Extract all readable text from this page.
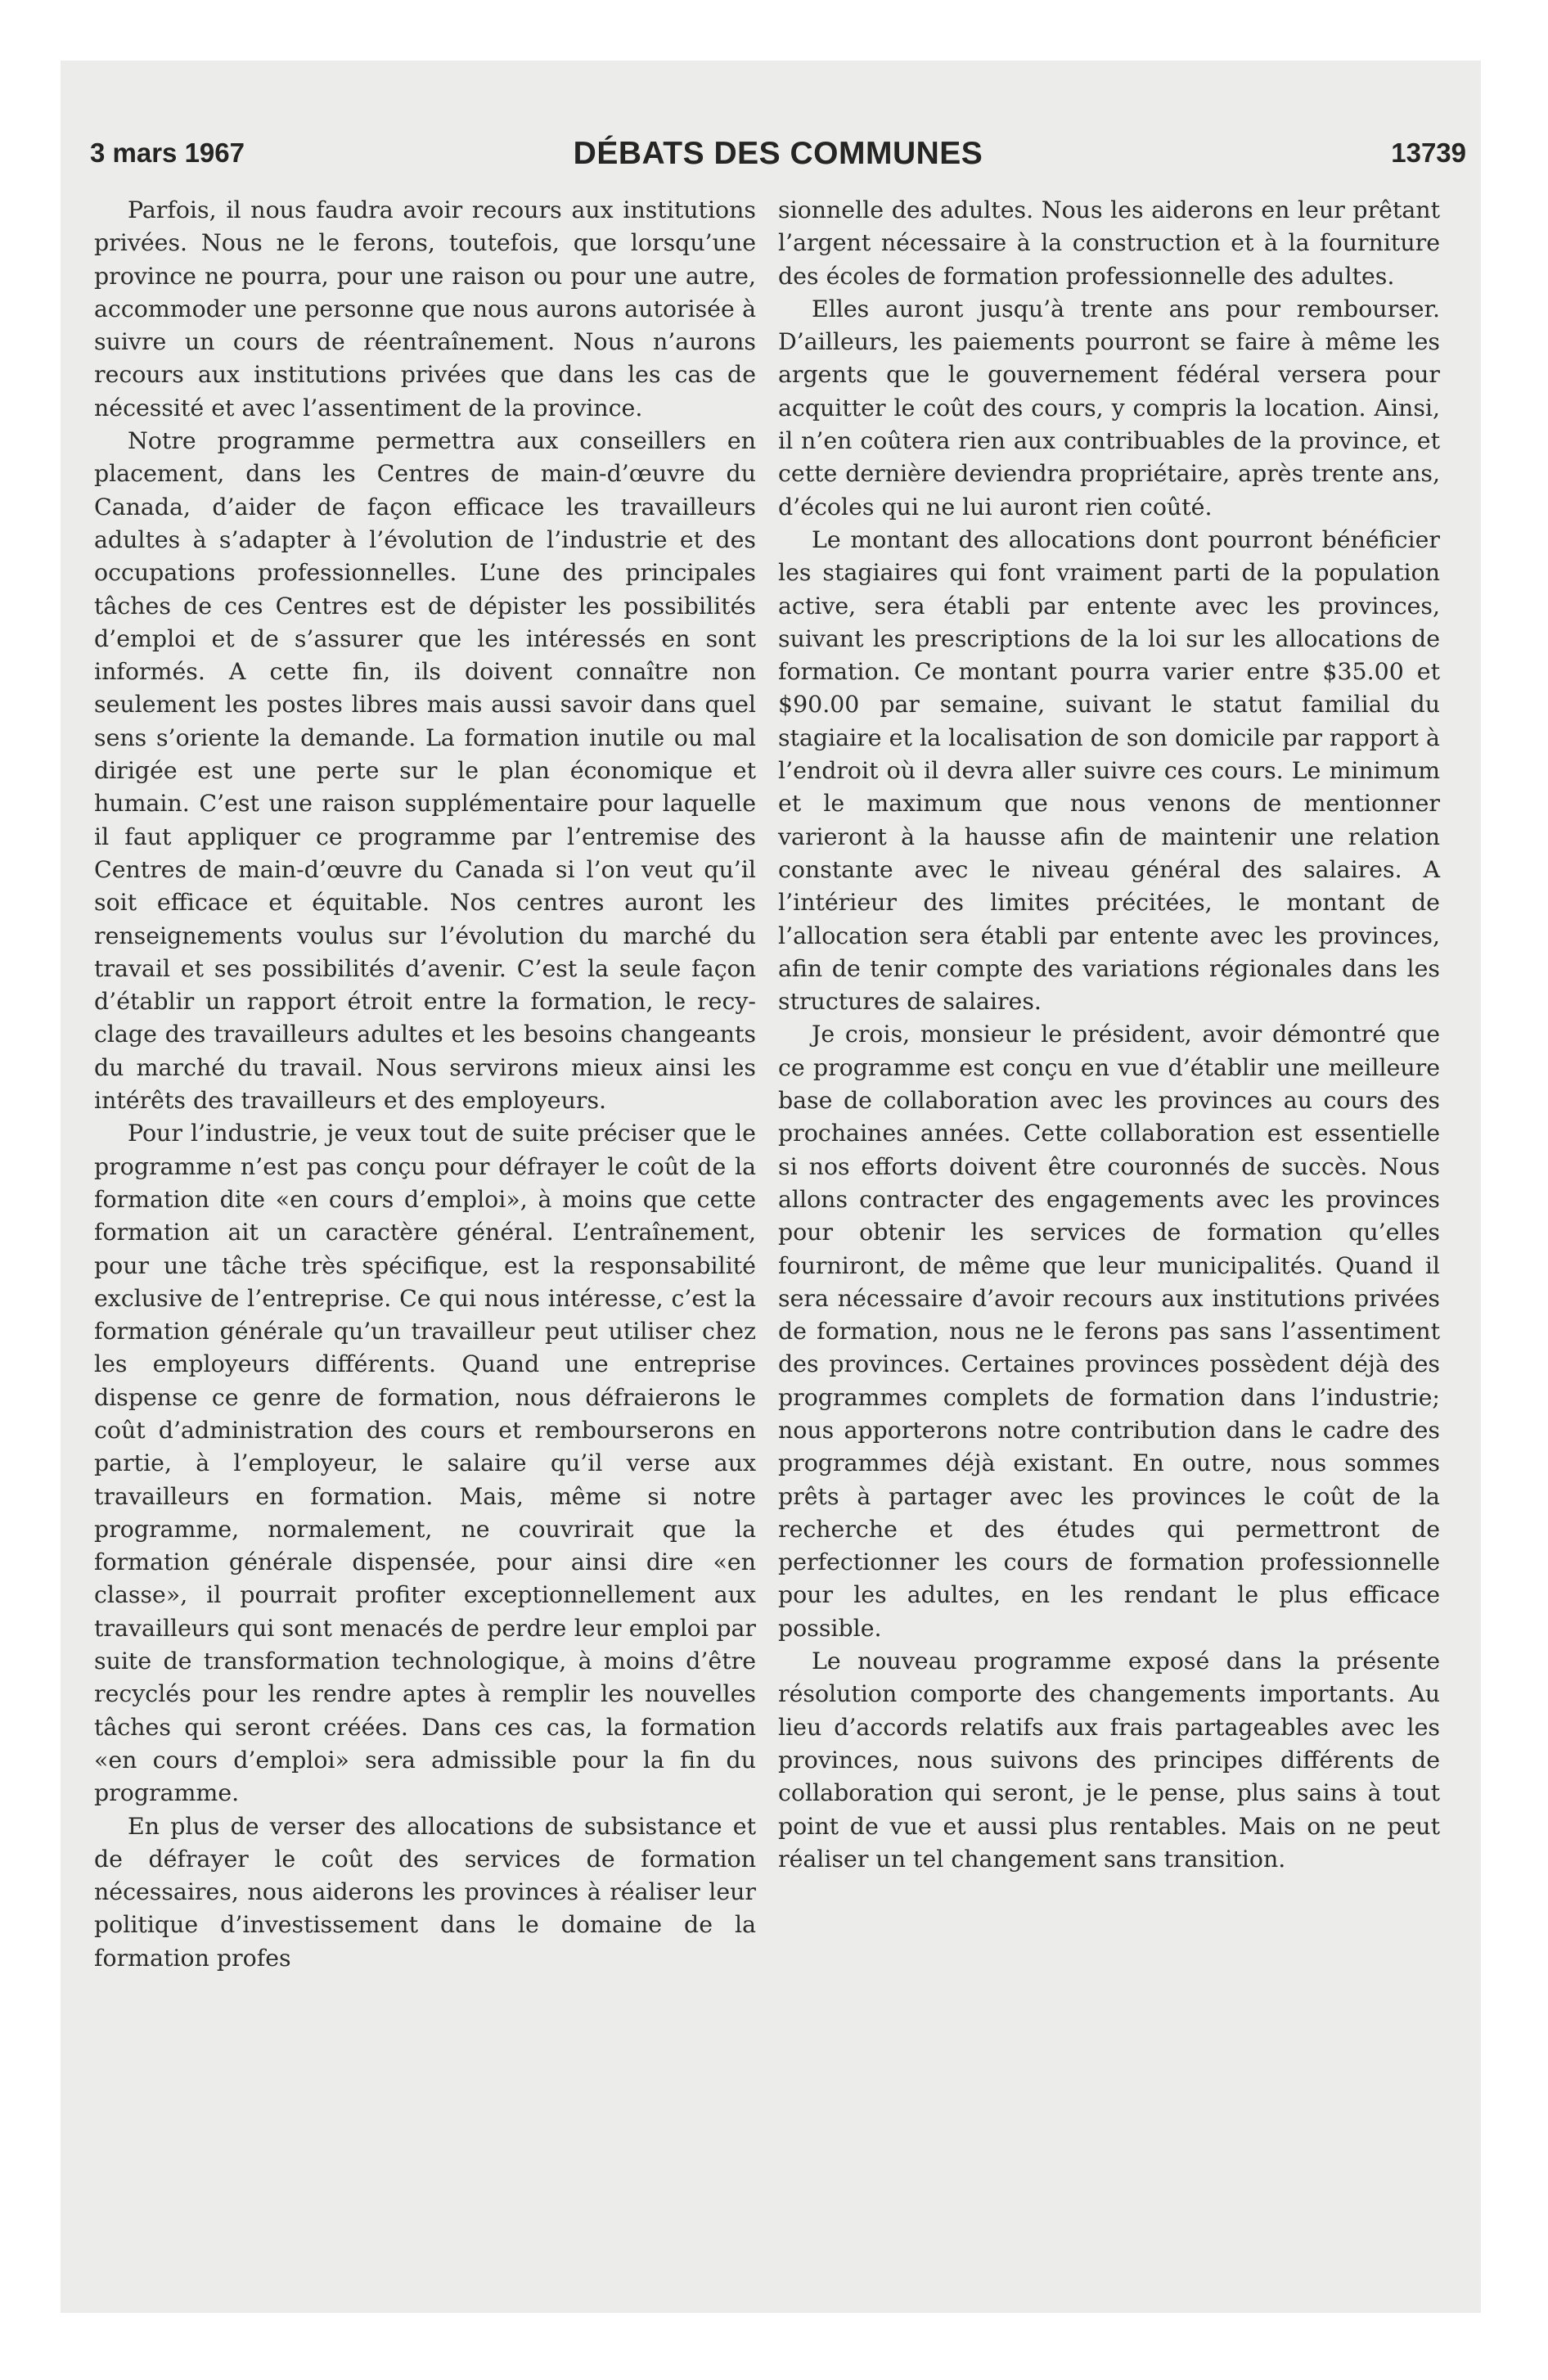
3 mars 1967	DÉBATS DES COMMUNES	13739

Parfois, il nous faudra avoir recours aux institutions privées. Nous ne le ferons, toutefois, que lorsqu’une province ne pourra, pour une raison ou pour une autre, accommoder une personne que nous aurons autorisée à suivre un cours de réentraînement. Nous n’aurons recours aux institutions privées que dans les cas de nécessité et avec l’assentiment de la province.

Notre programme permettra aux conseillers en placement, dans les Centres de main-d’œuvre du Canada, d’aider de façon efficace les travailleurs adultes à s’adapter à l’évolution de l’industrie et des occupations professionnelles. L’une des principales tâches de ces Centres est de dépister les possibilités d’emploi et de s’assurer que les intéressés en sont informés. A cette fin, ils doivent connaître non seulement les postes libres mais aussi savoir dans quel sens s’oriente la demande. La formation inutile ou mal dirigée est une perte sur le plan économique et humain. C’est une raison supplémentaire pour laquelle il faut appliquer ce programme par l’entremise des Centres de main-d’œuvre du Canada si l’on veut qu’il soit efficace et équitable. Nos centres auront les renseignements voulus sur l’évolution du marché du travail et ses possibilités d’avenir. C’est la seule façon d’établir un rapport étroit entre la formation, le recyclage des travailleurs adultes et les besoins changeants du marché du travail. Nous servirons mieux ainsi les intérêts des travailleurs et des employeurs.

Pour l’industrie, je veux tout de suite préciser que le programme n’est pas conçu pour défrayer le coût de la formation dite «en cours d’emploi», à moins que cette formation ait un caractère général. L’entraînement, pour une tâche très spécifique, est la responsabilité exclusive de l’entreprise. Ce qui nous intéresse, c’est la formation générale qu’un travailleur peut utiliser chez les employeurs différents. Quand une entreprise dispense ce genre de formation, nous défraierons le coût d’administration des cours et rembourserons en partie, à l’employeur, le salaire qu’il verse aux travailleurs en formation. Mais, même si notre programme, normalement, ne couvrirait que la formation générale dispensée, pour ainsi dire «en classe», il pourrait profiter exceptionnellement aux travailleurs qui sont menacés de perdre leur emploi par suite de transformation technologique, à moins d’être recyclés pour les rendre aptes à remplir les nouvelles tâches qui seront créées. Dans ces cas, la formation «en cours d’emploi» sera admissible pour la fin du programme.

En plus de verser des allocations de subsistance et de défrayer le coût des services de formation nécessaires, nous aiderons les provinces à réaliser leur politique d’investissement dans le domaine de la formation profes

sionnelle des adultes. Nous les aiderons en leur prêtant l’argent nécessaire à la construction et à la fourniture des écoles de formation professionnelle des adultes.

Elles auront jusqu’à trente ans pour rembourser. D’ailleurs, les paiements pourront se faire à même les argents que le gouvernement fédéral versera pour acquitter le coût des cours, y compris la location. Ainsi, il n’en coûtera rien aux contribuables de la province, et cette dernière deviendra propriétaire, après trente ans, d’écoles qui ne lui auront rien coûté.

Le montant des allocations dont pourront bénéficier les stagiaires qui font vraiment parti de la population active, sera établi par entente avec les provinces, suivant les prescriptions de la loi sur les allocations de formation. Ce montant pourra varier entre $35.00 et $90.00 par semaine, suivant le statut familial du stagiaire et la localisation de son domicile par rapport à l’endroit où il devra aller suivre ces cours. Le minimum et le maximum que nous venons de mentionner varieront à la hausse afin de maintenir une relation constante avec le niveau général des salaires. A l’intérieur des limites précitées, le montant de l’allocation sera établi par entente avec les provinces, afin de tenir compte des variations régionales dans les structures de salaires.

Je crois, monsieur le président, avoir démontré que ce programme est conçu en vue d’établir une meilleure base de collaboration avec les provinces au cours des prochaines années. Cette collaboration est essentielle si nos efforts doivent être couronnés de succès. Nous allons contracter des engagements avec les provinces pour obtenir les services de formation qu’elles fourniront, de même que leur municipalités. Quand il sera nécessaire d’avoir recours aux institutions privées de formation, nous ne le ferons pas sans l’assentiment des provinces. Certaines provinces possèdent déjà des programmes complets de formation dans l’industrie; nous apporterons notre contribution dans le cadre des programmes déjà existant. En outre, nous sommes prêts à partager avec les provinces le coût de la recherche et des études qui permettront de perfectionner les cours de formation professionnelle pour les adultes, en les rendant le plus efficace possible.

Le nouveau programme exposé dans la présente résolution comporte des changements importants. Au lieu d’accords relatifs aux frais partageables avec les provinces, nous suivons des principes différents de collaboration qui seront, je le pense, plus sains à tout point de vue et aussi plus rentables. Mais on ne peut réaliser un tel changement sans transition.
